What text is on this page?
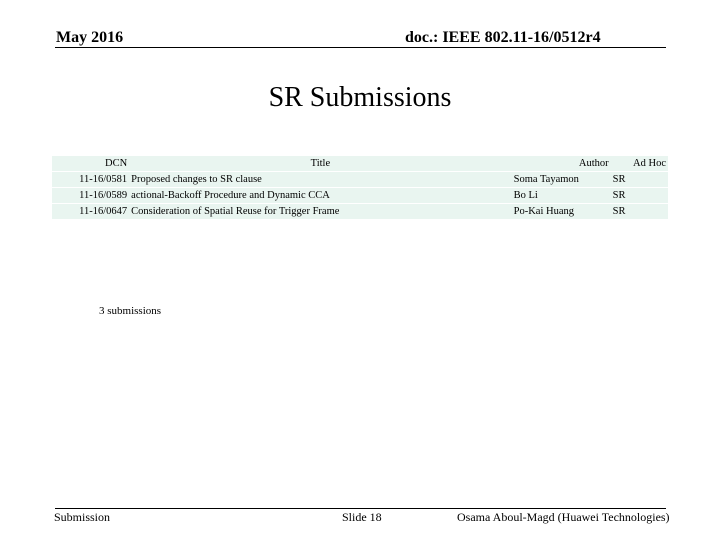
May 2016	doc.: IEEE 802.11-16/0512r4
SR Submissions
DCN	Title	Author	Ad Hoc
11-16/0581	Proposed changes to SR clause	Soma Tayamon	SR
11-16/0589	actional-Backoff Procedure and Dynamic CCA	Bo Li	SR
11-16/0647	Consideration of Spatial Reuse for Trigger Frame	Po-Kai Huang	SR
3 submissions
Submission	Slide 18	Osama Aboul-Magd (Huawei Technologies)
